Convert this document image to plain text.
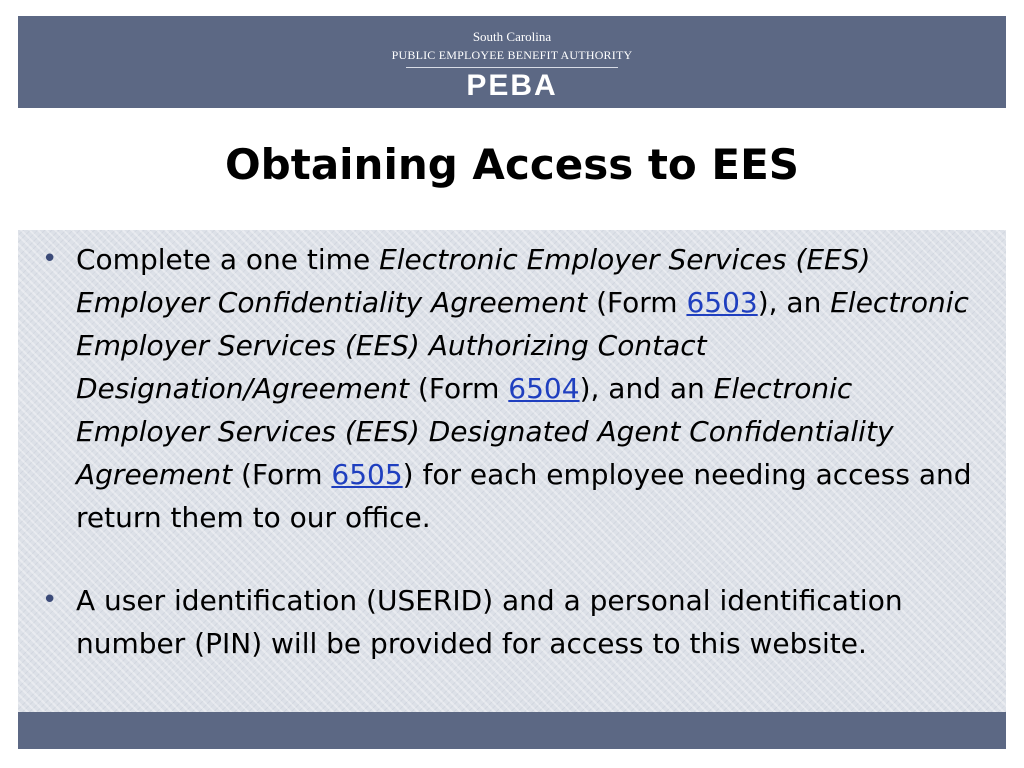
South Carolina
PUBLIC EMPLOYEE BENEFIT AUTHORITY
PEBA
Obtaining Access to EES
• Complete a one time Electronic Employer Services (EES) Employer Confidentiality Agreement (Form 6503), an Electronic Employer Services (EES) Authorizing Contact Designation/Agreement (Form 6504), and an Electronic Employer Services (EES) Designated Agent Confidentiality Agreement (Form 6505) for each employee needing access and return them to our office.
• A user identification (USERID) and a personal identification number (PIN) will be provided for access to this website.
